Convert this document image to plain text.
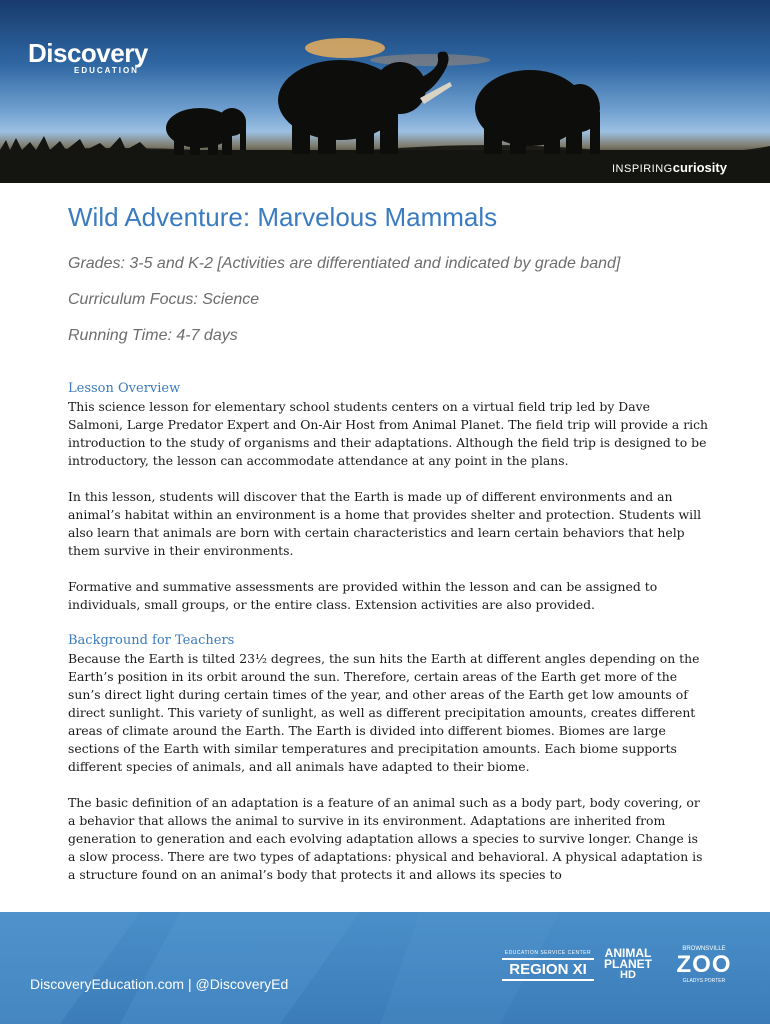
Discovery
EDUCATION
INSPIRINGcuriosity
Wild Adventure: Marvelous Mammals

Grades: 3-5 and K-2 [Activities are differentiated and indicated by grade band]

Curriculum Focus: Science

Running Time: 4-7 days

Lesson Overview

This science lesson for elementary school students centers on a virtual field trip led by Dave Salmoni, Large Predator Expert and On-Air Host from Animal Planet. The field trip will provide a rich introduction to the study of organisms and their adaptations. Although the field trip is designed to be introductory, the lesson can accommodate attendance at any point in the plans.

In this lesson, students will discover that the Earth is made up of different environments and an animal’s habitat within an environment is a home that provides shelter and protection. Students will also learn that animals are born with certain characteristics and learn certain behaviors that help them survive in their environments.

Formative and summative assessments are provided within the lesson and can be assigned to individuals, small groups, or the entire class. Extension activities are also provided.

Background for Teachers

Because the Earth is tilted 23½ degrees, the sun hits the Earth at different angles depending on the Earth’s position in its orbit around the sun. Therefore, certain areas of the Earth get more of the sun’s direct light during certain times of the year, and other areas of the Earth get low amounts of direct sunlight. This variety of sunlight, as well as different precipitation amounts, creates different areas of climate around the Earth. The Earth is divided into different biomes. Biomes are large sections of the Earth with similar temperatures and precipitation amounts. Each biome supports different species of animals, and all animals have adapted to their biome.

The basic definition of an adaptation is a feature of an animal such as a body part, body covering, or a behavior that allows the animal to survive in its environment. Adaptations are inherited from generation to generation and each evolving adaptation allows a species to survive longer. Change is a slow process. There are two types of adaptations: physical and behavioral. A physical adaptation is a structure found on an animal’s body that protects it and allows its species to

DiscoveryEducation.com | @DiscoveryEd
EDUCATION SERVICE CENTER
REGION XI
ANIMAL
PLANET
HD
BROWNSVILLE
ZOO
GLADYS PORTER
